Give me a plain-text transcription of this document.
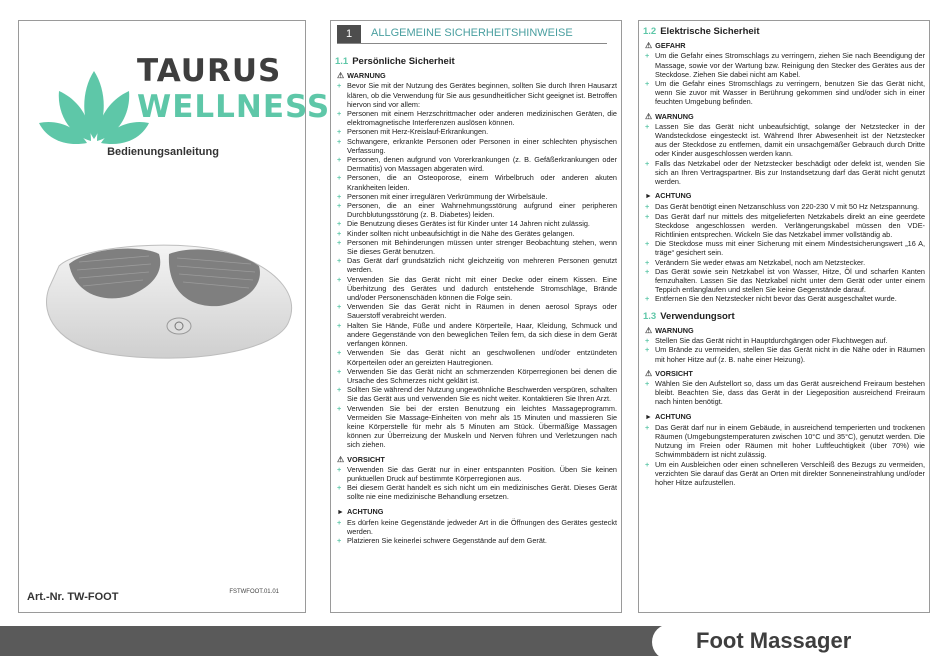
TAURUS
WELLNESS
Bedienungsanleitung
Art.-Nr. TW-FOOT	FSTWFOOT.01.01
1	ALLGEMEINE SICHERHEITSHINWEISE
1.1 Persönliche Sicherheit
⚠ WARNUNG
+ Bevor Sie mit der Nutzung des Gerätes beginnen, sollten Sie durch Ihren Hausarzt klären, ob die Verwendung für Sie aus gesundheitlicher Sicht geeignet ist. Betroffen hiervon sind vor allem:
+ Personen mit einem Herzschrittmacher oder anderen medizinischen Geräten, die elektromagnetische Interferenzen auslösen können.
+ Personen mit Herz-Kreislauf-Erkrankungen.
+ Schwangere, erkrankte Personen oder Personen in einer schlechten physischen Verfassung.
+ Personen, denen aufgrund von Vorerkrankungen (z. B. Gefäßerkrankungen oder Dermatitis) von Massagen abgeraten wird.
+ Personen, die an Osteoporose, einem Wirbelbruch oder anderen akuten Krankheiten leiden.
+ Personen mit einer irregulären Verkrümmung der Wirbelsäule.
+ Personen, die an einer Wahrnehmungsstörung aufgrund einer peripheren Durchblutungsstörung (z. B. Diabetes) leiden.
+ Die Benutzung dieses Gerätes ist für Kinder unter 14 Jahren nicht zulässig.
+ Kinder sollten nicht unbeaufsichtigt in die Nähe des Gerätes gelangen.
+ Personen mit Behinderungen müssen unter strenger Beobachtung stehen, wenn Sie dieses Gerät benutzen.
+ Das Gerät darf grundsätzlich nicht gleichzeitig von mehreren Personen genutzt werden.
+ Verwenden Sie das Gerät nicht mit einer Decke oder einem Kissen. Eine Überhitzung des Gerätes und dadurch entstehende Stromschläge, Brände und/oder Personenschäden können die Folge sein.
+ Verwenden Sie das Gerät nicht in Räumen in denen aerosol Sprays oder Sauerstoff verabreicht werden.
+ Halten Sie Hände, Füße und andere Körperteile, Haar, Kleidung, Schmuck und andere Gegenstände von den beweglichen Teilen fern, da sich diese in dem Gerät verfangen können.
+ Verwenden Sie das Gerät nicht an geschwollenen und/oder entzündeten Körperteilen oder an gereizten Hautregionen.
+ Verwenden Sie das Gerät nicht an schmerzenden Körperregionen bei denen die Ursache des Schmerzes nicht geklärt ist.
+ Sollten Sie während der Nutzung ungewöhnliche Beschwerden verspüren, schalten Sie das Gerät aus und verwenden Sie es nicht weiter. Kontaktieren Sie Ihren Arzt.
+ Verwenden Sie bei der ersten Benutzung ein leichtes Massageprogramm. Vermeiden Sie Massage-Einheiten von mehr als 15 Minuten und massieren Sie keine Körperstelle für mehr als 5 Minuten am Stück. Übermäßige Massagen können zur Überreizung der Muskeln und Nerven führen und Verletzungen nach sich ziehen.
⚠ VORSICHT
+ Verwenden Sie das Gerät nur in einer entspannten Position. Üben Sie keinen punktuellen Druck auf bestimmte Körperregionen aus.
+ Bei diesem Gerät handelt es sich nicht um ein medizinisches Gerät. Dieses Gerät sollte nie eine medizinische Behandlung ersetzen.
► ACHTUNG
+ Es dürfen keine Gegenstände jedweder Art in die Öffnungen des Gerätes gesteckt werden.
+ Platzieren Sie keinerlei schwere Gegenstände auf dem Gerät.
1.2 Elektrische Sicherheit
⚠ GEFAHR
+ Um die Gefahr eines Stromschlags zu verringern, ziehen Sie nach Beendigung der Massage, sowie vor der Wartung bzw. Reinigung den Stecker des Gerätes aus der Steckdose. Ziehen Sie dabei nicht am Kabel.
+ Um die Gefahr eines Stromschlags zu verringern, benutzen Sie das Gerät nicht, wenn Sie zuvor mit Wasser in Berührung gekommen sind und/oder sich in einer feuchten Umgebung befinden.
⚠ WARNUNG
+ Lassen Sie das Gerät nicht unbeaufsichtigt, solange der Netzstecker in der Wandsteckdose eingesteckt ist. Während Ihrer Abwesenheit ist der Netzstecker aus der Steckdose zu entfernen, damit ein unsachgemäßer Gebrauch durch Dritte oder Kinder ausgeschlossen werden kann.
+ Falls das Netzkabel oder der Netzstecker beschädigt oder defekt ist, wenden Sie sich an Ihren Vertragspartner. Bis zur Instandsetzung darf das Gerät nicht genutzt werden.
► ACHTUNG
+ Das Gerät benötigt einen Netzanschluss von 220-230 V mit 50 Hz Netzspannung.
+ Das Gerät darf nur mittels des mitgelieferten Netzkabels direkt an eine geerdete Steckdose angeschlossen werden. Verlängerungskabel müssen den VDE-Richtlinien entsprechen. Wickeln Sie das Netzkabel immer vollständig ab.
+ Die Steckdose muss mit einer Sicherung mit einem Mindestsicherungswert „16 A, träge“ gesichert sein.
+ Verändern Sie weder etwas am Netzkabel, noch am Netzstecker.
+ Das Gerät sowie sein Netzkabel ist von Wasser, Hitze, Öl und scharfen Kanten fernzuhalten. Lassen Sie das Netzkabel nicht unter dem Gerät oder unter einem Teppich entlanglaufen und stellen Sie keine Gegenstände darauf.
+ Entfernen Sie den Netzstecker nicht bevor das Gerät ausgeschaltet wurde.
1.3 Verwendungsort
⚠ WARNUNG
+ Stellen Sie das Gerät nicht in Hauptdurchgängen oder Fluchtwegen auf.
+ Um Brände zu vermeiden, stellen Sie das Gerät nicht in die Nähe oder in Räumen mit hoher Hitze auf (z. B. nahe einer Heizung).
⚠ VORSICHT
+ Wählen Sie den Aufstellort so, dass um das Gerät ausreichend Freiraum bestehen bleibt. Beachten Sie, dass das Gerät in der Liegeposition ausreichend Freiraum nach hinten benötigt.
► ACHTUNG
+ Das Gerät darf nur in einem Gebäude, in ausreichend temperierten und trockenen Räumen (Umgebungstemperaturen zwischen 10°C und 35°C), genutzt werden. Die Nutzung im Freien oder Räumen mit hoher Luftfeuchtigkeit (über 70%) wie Schwimmbädern ist nicht zulässig.
+ Um ein Ausbleichen oder einen schnelleren Verschleiß des Bezugs zu vermeiden, verzichten Sie darauf das Gerät an Orten mit direkter Sonneneinstrahlung und/oder hoher Hitze aufzustellen.
Foot Massager
